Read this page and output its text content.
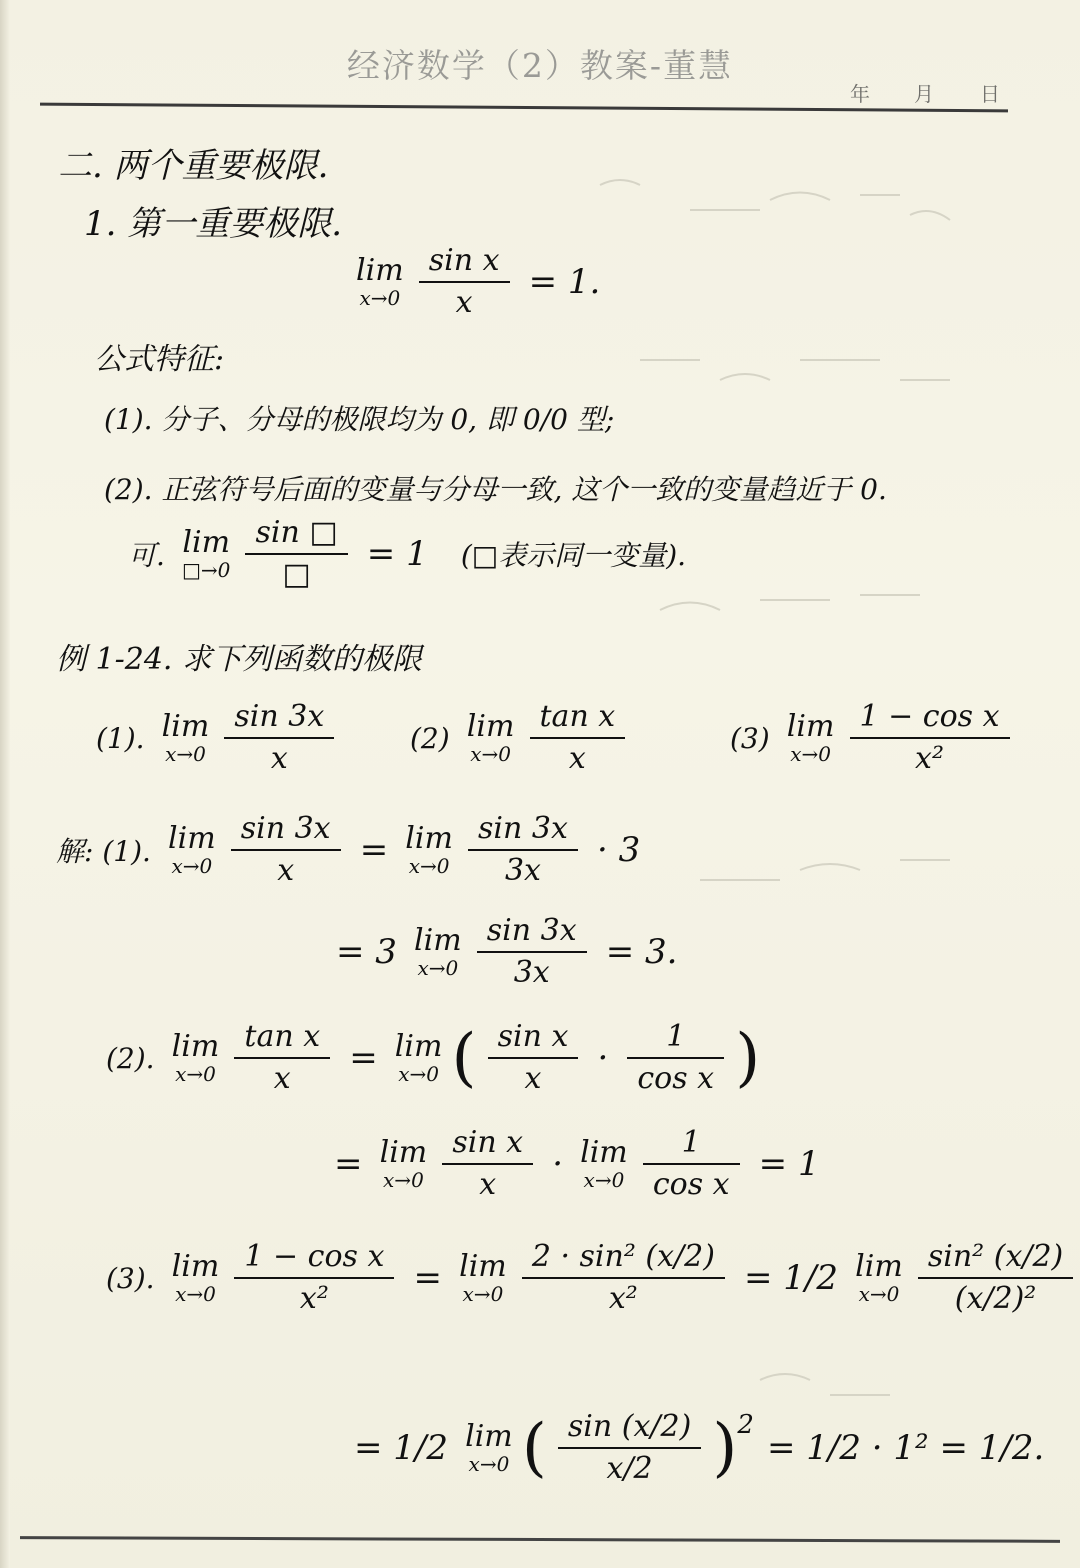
经济数学（2）教案-董慧
年 月 日
二. 两个重要极限.
1. 第一重要极限.
lim
x→0
$\frac{\text{sin x}}{x} = 1$.
公式特征:
(1). 分子、分母的极限均为 0, 即 0/0 型;
(2). 正弦符号后面的变量与分母一致, 这个一致的变量趋近于 0.
可. lim
□→0
$\frac{\sin □}{□} = 1$ (□表示同一变量).
例 1-24. 求下列函数的极限
(1). lim
x→0
$\frac{\sin 3x}{x}$	(2) lim
x→0
$\frac{\text{tan x}}{x}$	(3) lim
x→0
$\frac{\text{1 − cos x}}{\text{x²}}$
解: (1). lim
x→0
$\frac{\sin 3x}{x} = \lim$
x→0
$\frac{\sin 3x}{3x} \cdot 3$
= 3 lim
x→0
$\frac{\sin 3x}{3x} = 3$.
(2). lim
x→0
$\frac{\text{tan x}}{x} = \lim$
x→0 ( $\frac{\text{sin x}}{x} \cdot \frac{1}{\text{cos x}}$ )
= lim
x→0
$\frac{\text{sin x}}{x} \cdot \lim$
x→0
$\frac{1}{\text{cos x}} = 1$
(3). lim
x→0
$\frac{\text{1 − cos x}}{\text{x²}} = \lim$
x→0
$\frac{\text{2 · sin² (x/2)}}{\text{x²}} = 1/2$ lim
x→0
$\frac{\text{sin² (x/2)}}{\text{(x/2)²}}$
= 1/2 lim
x→0 ( $\frac{\sin (x/2)}{x/2} )2 = 1/2 \cdot 1^2 = 1/2$.
